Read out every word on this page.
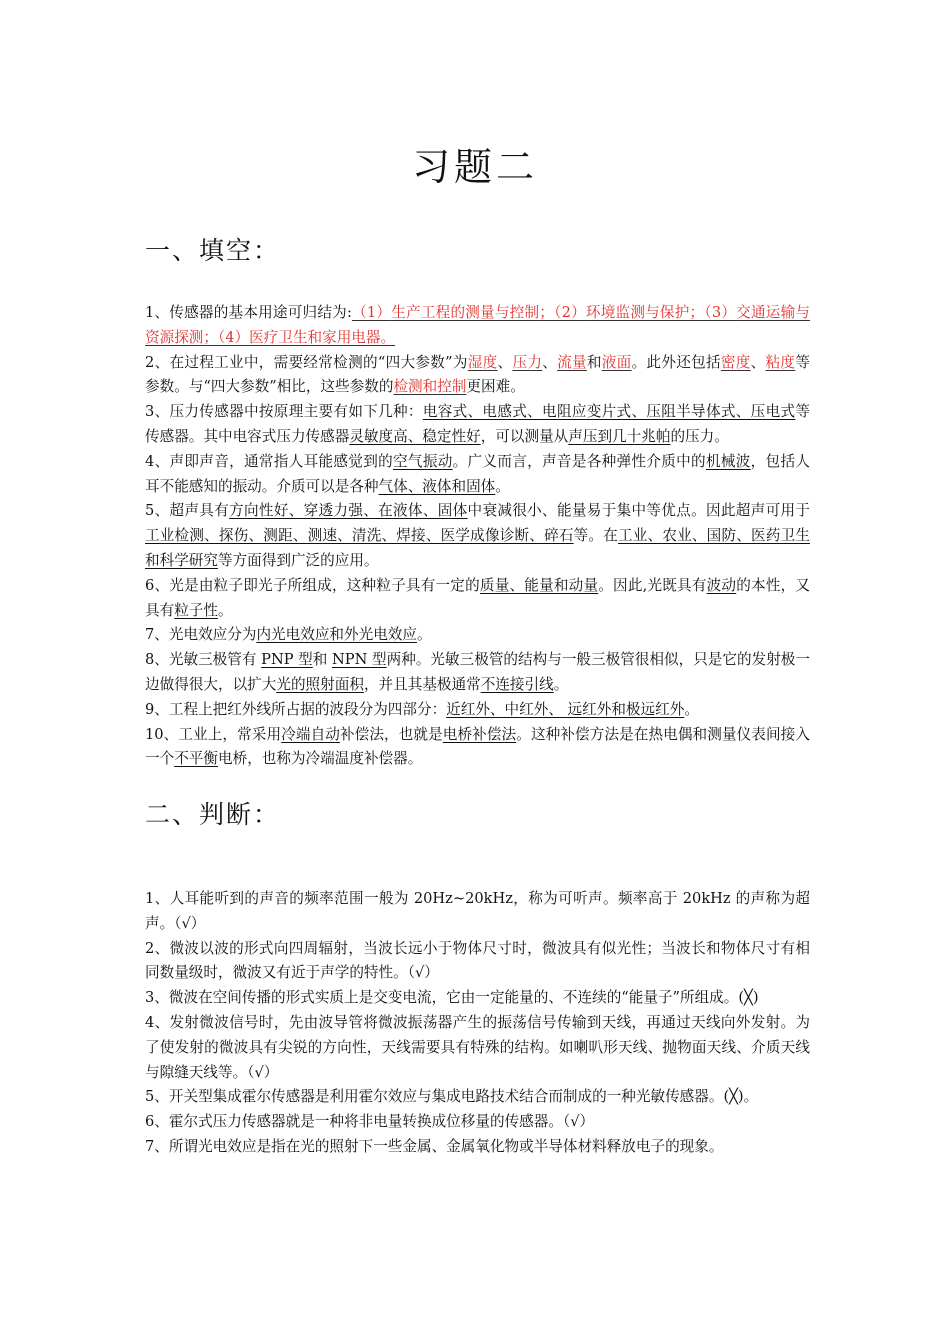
习题二
一、填空：

1、传感器的基本用途可归结为:（1）生产工程的测量与控制；（2）环境监测与保护；（3）交通运输与资源探测；（4）医疗卫生和家用电器。

2、在过程工业中，需要经常检测的“四大参数”为湿度、压力、流量和液面。此外还包括密度、粘度等参数。与“四大参数”相比，这些参数的检测和控制更困难。

3、压力传感器中按原理主要有如下几种：电容式、电感式、电阻应变片式、压阻半导体式、压电式等传感器。其中电容式压力传感器灵敏度高、稳定性好，可以测量从声压到几十兆帕的压力。

4、声即声音，通常指人耳能感觉到的空气振动。广义而言，声音是各种弹性介质中的机械波，包括人耳不能感知的振动。介质可以是各种气体、液体和固体。

5、超声具有方向性好、穿透力强、在液体、固体中衰减很小、能量易于集中等优点。因此超声可用于工业检测、探伤、测距、测速、清洗、焊接、医学成像诊断、碎石等。在工业、农业、国防、医药卫生和科学研究等方面得到广泛的应用。

6、光是由粒子即光子所组成，这种粒子具有一定的质量、能量和动量。因此,光既具有波动的本性，又具有粒子性。

7、光电效应分为内光电效应和外光电效应。

8、光敏三极管有 PNP 型和 NPN 型两种。光敏三极管的结构与一般三极管很相似，只是它的发射极一边做得很大，以扩大光的照射面积，并且其基极通常不连接引线。

9、工程上把红外线所占据的波段分为四部分：近红外、中红外、 远红外和极远红外。

10、工业上，常采用冷端自动补偿法，也就是电桥补偿法。这种补偿方法是在热电偶和测量仪表间接入一个不平衡电桥，也称为冷端温度补偿器。

二、判断：

1、人耳能听到的声音的频率范围一般为 20Hz~20kHz，称为可听声。频率高于 20kHz 的声称为超声。（√）

2、微波以波的形式向四周辐射，当波长远小于物体尺寸时，微波具有似光性；当波长和物体尺寸有相同数量级时，微波又有近于声学的特性。（√）

3、微波在空间传播的形式实质上是交变电流，它由一定能量的、不连续的“能量子”所组成。(╳)

4、发射微波信号时，先由波导管将微波振荡器产生的振荡信号传输到天线，再通过天线向外发射。为了使发射的微波具有尖锐的方向性，天线需要具有特殊的结构。如喇叭形天线、抛物面天线、介质天线与隙缝天线等。（√）

5、开关型集成霍尔传感器是利用霍尔效应与集成电路技术结合而制成的一种光敏传感器。(╳)。

6、霍尔式压力传感器就是一种将非电量转换成位移量的传感器。（√）

7、所谓光电效应是指在光的照射下一些金属、金属氧化物或半导体材料释放电子的现象。
